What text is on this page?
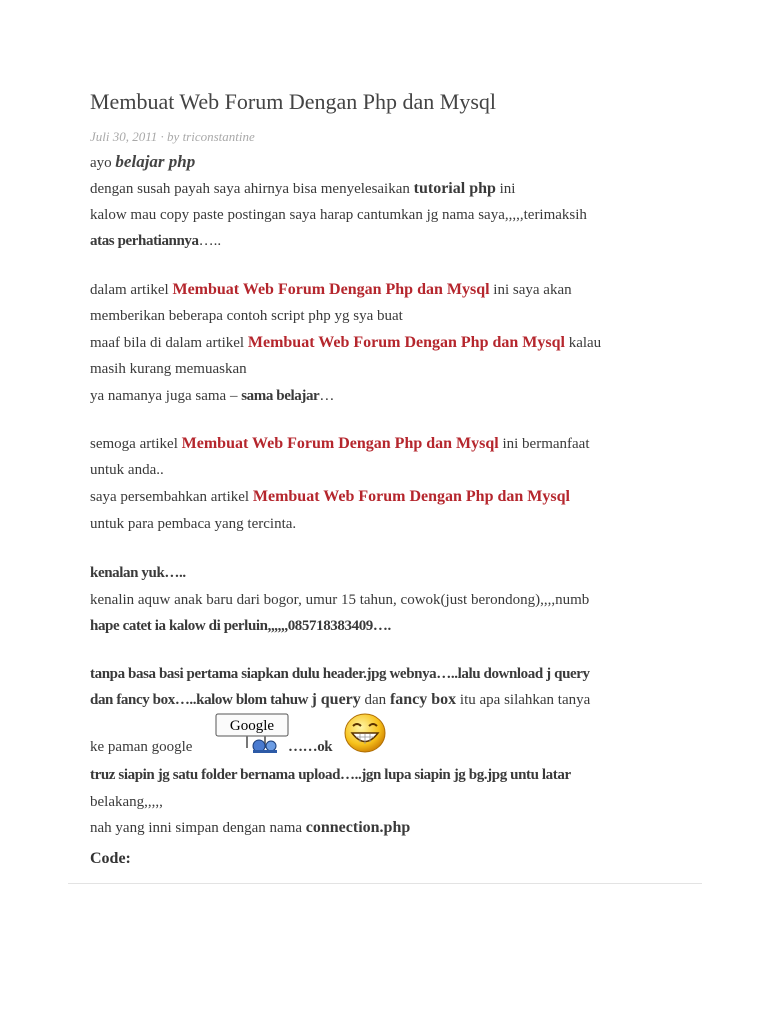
Membuat Web Forum Dengan Php dan Mysql
Juli 30, 2011 · by triconstantine
ayo belajar php
dengan susah payah saya ahirnya bisa menyelesaikan tutorial php ini
kalow mau copy paste postingan saya harap cantumkan jg nama saya,,,,,terimaksih
atas perhatiannya…..
dalam artikel Membuat Web Forum Dengan Php dan Mysql ini saya akan
memberikan beberapa contoh script php yg sya buat
maaf bila di dalam artikel Membuat Web Forum Dengan Php dan Mysql kalau
masih kurang memuaskan
ya namanya juga sama – sama belajar…
semoga artikel Membuat Web Forum Dengan Php dan Mysql ini bermanfaat
untuk anda..
saya persembahkan artikel Membuat Web Forum Dengan Php dan Mysql
untuk para pembaca yang tercinta.
kenalan yuk…..
kenalin aquw anak baru dari bogor, umur 15 tahun, cowok(just berondong),,,,numb
hape catet ia kalow di perluin,,,,,,085718383409….
tanpa basa basi pertama siapkan dulu header.jpg webnya…..lalu download j query
dan fancy box…..kalow blom tahuw j query dan fancy box itu apa silahkan tanya
ke paman google
Google
……ok
truz siapin jg satu folder bernama upload…..jgn lupa siapin jg bg.jpg untu latar
belakang,,,,,
nah yang inni simpan dengan nama connection.php
Code:
